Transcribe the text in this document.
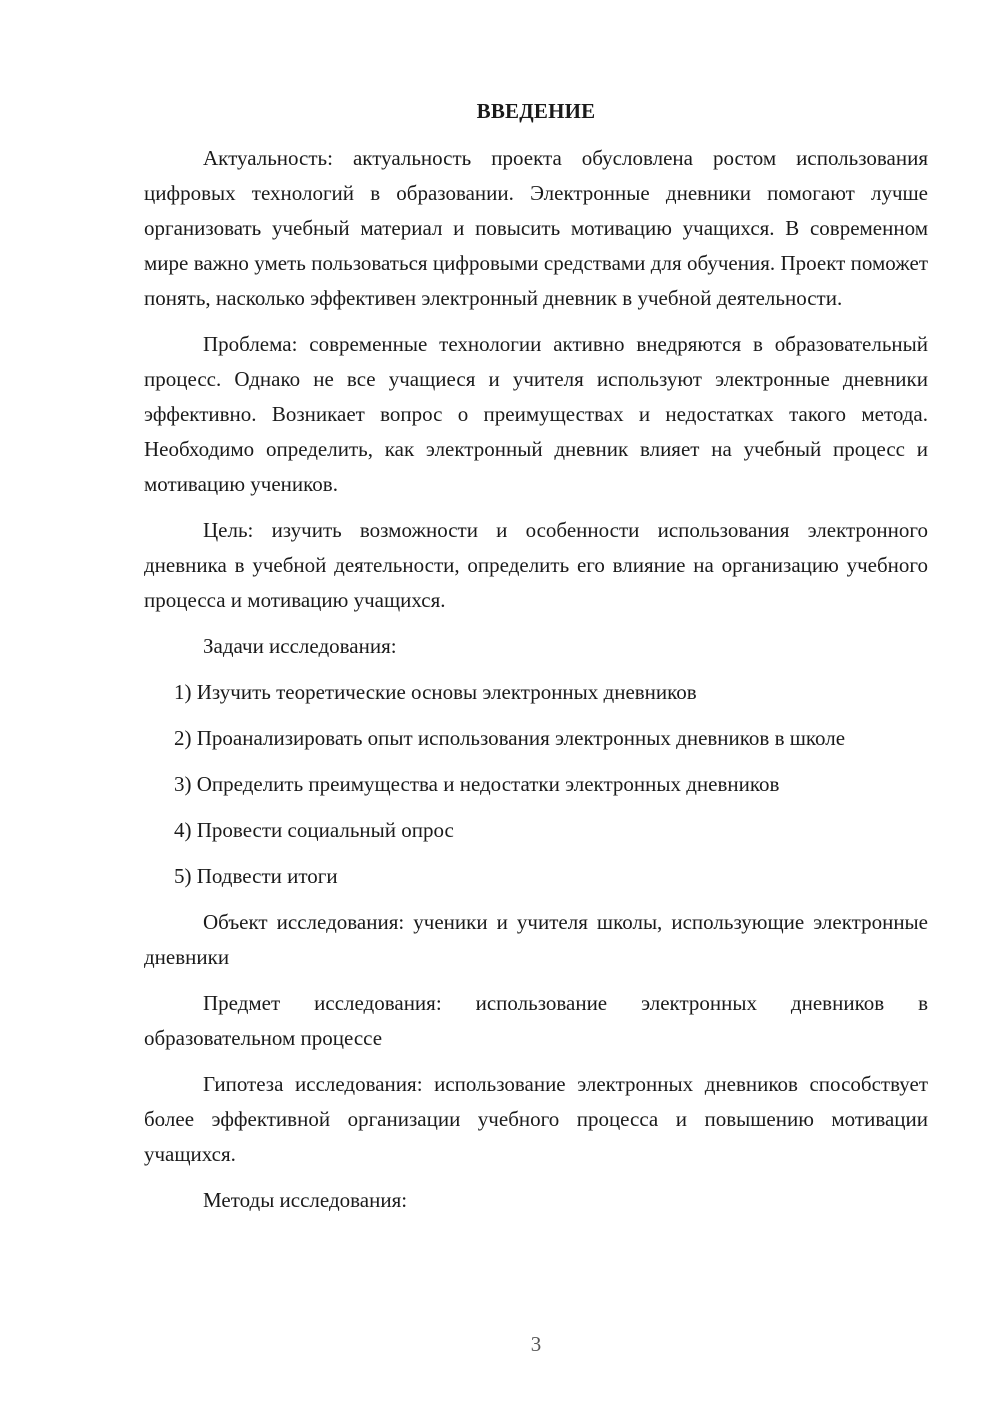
ВВЕДЕНИЕ

Актуальность: актуальность проекта обусловлена ростом использования цифровых технологий в образовании. Электронные дневники помогают лучше организовать учебный материал и повысить мотивацию учащихся. В современном мире важно уметь пользоваться цифровыми средствами для обучения. Проект поможет понять, насколько эффективен электронный дневник в учебной деятельности.

Проблема: современные технологии активно внедряются в образовательный процесс. Однако не все учащиеся и учителя используют электронные дневники эффективно. Возникает вопрос о преимуществах и недостатках такого метода. Необходимо определить, как электронный дневник влияет на учебный процесс и мотивацию учеников.

Цель: изучить возможности и особенности использования электронного дневника в учебной деятельности, определить его влияние на организацию учебного процесса и мотивацию учащихся.

Задачи исследования:

1) Изучить теоретические основы электронных дневников

2) Проанализировать опыт использования электронных дневников в школе

3) Определить преимущества и недостатки электронных дневников

4) Провести социальный опрос

5) Подвести итоги

Объект исследования: ученики и учителя школы, использующие электронные дневники

Предмет исследования: использование электронных дневников в образовательном процессе

Гипотеза исследования: использование электронных дневников способствует более эффективной организации учебного процесса и повышению мотивации учащихся.

Методы исследования:

3
